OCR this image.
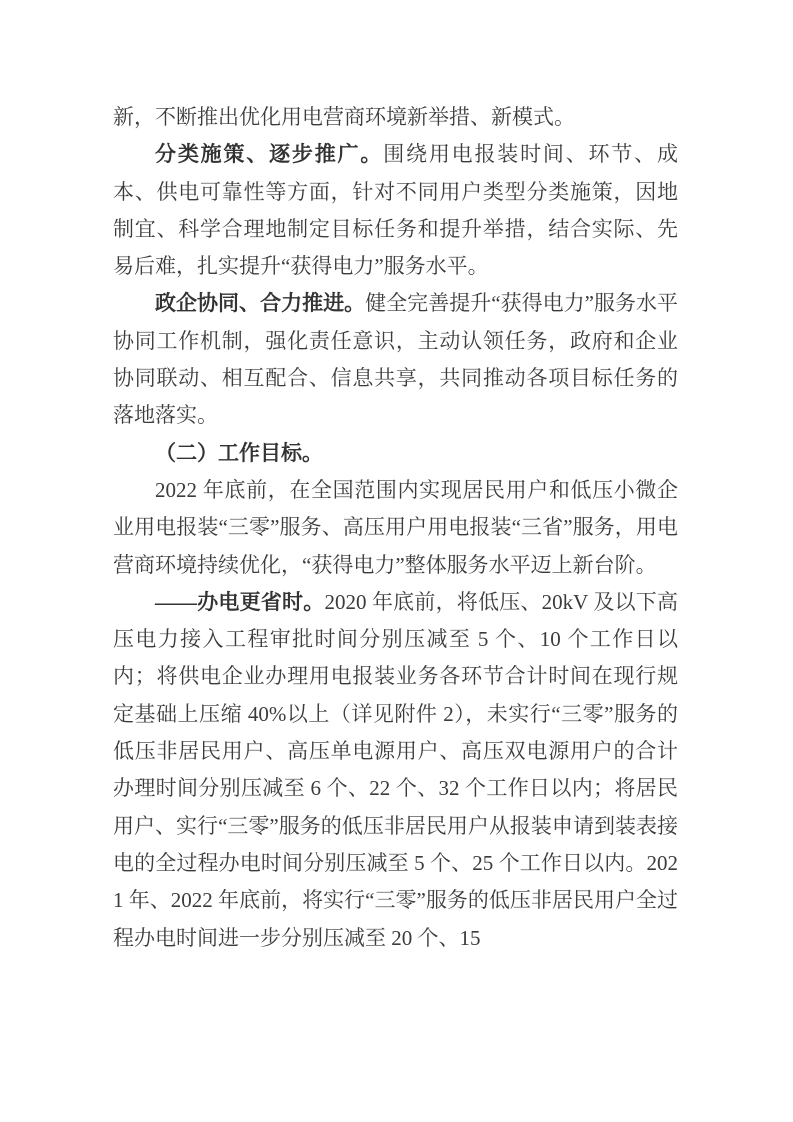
新，不断推出优化用电营商环境新举措、新模式。

分类施策、逐步推广。围绕用电报装时间、环节、成本、供电可靠性等方面，针对不同用户类型分类施策，因地制宜、科学合理地制定目标任务和提升举措，结合实际、先易后难，扎实提升“获得电力”服务水平。

政企协同、合力推进。健全完善提升“获得电力”服务水平协同工作机制，强化责任意识，主动认领任务，政府和企业协同联动、相互配合、信息共享，共同推动各项目标任务的落地落实。

（二）工作目标。

2022 年底前，在全国范围内实现居民用户和低压小微企业用电报装“三零”服务、高压用户用电报装“三省”服务，用电营商环境持续优化，“获得电力”整体服务水平迈上新台阶。

——办电更省时。2020 年底前，将低压、20kV 及以下高压电力接入工程审批时间分别压减至 5 个、10 个工作日以内；将供电企业办理用电报装业务各环节合计时间在现行规定基础上压缩 40%以上（详见附件 2），未实行“三零”服务的低压非居民用户、高压单电源用户、高压双电源用户的合计办理时间分别压减至 6 个、22 个、32 个工作日以内；将居民用户、实行“三零”服务的低压非居民用户从报装申请到装表接电的全过程办电时间分别压减至 5 个、25 个工作日以内。2021 年、2022 年底前，将实行“三零”服务的低压非居民用户全过程办电时间进一步分别压减至 20 个、15
